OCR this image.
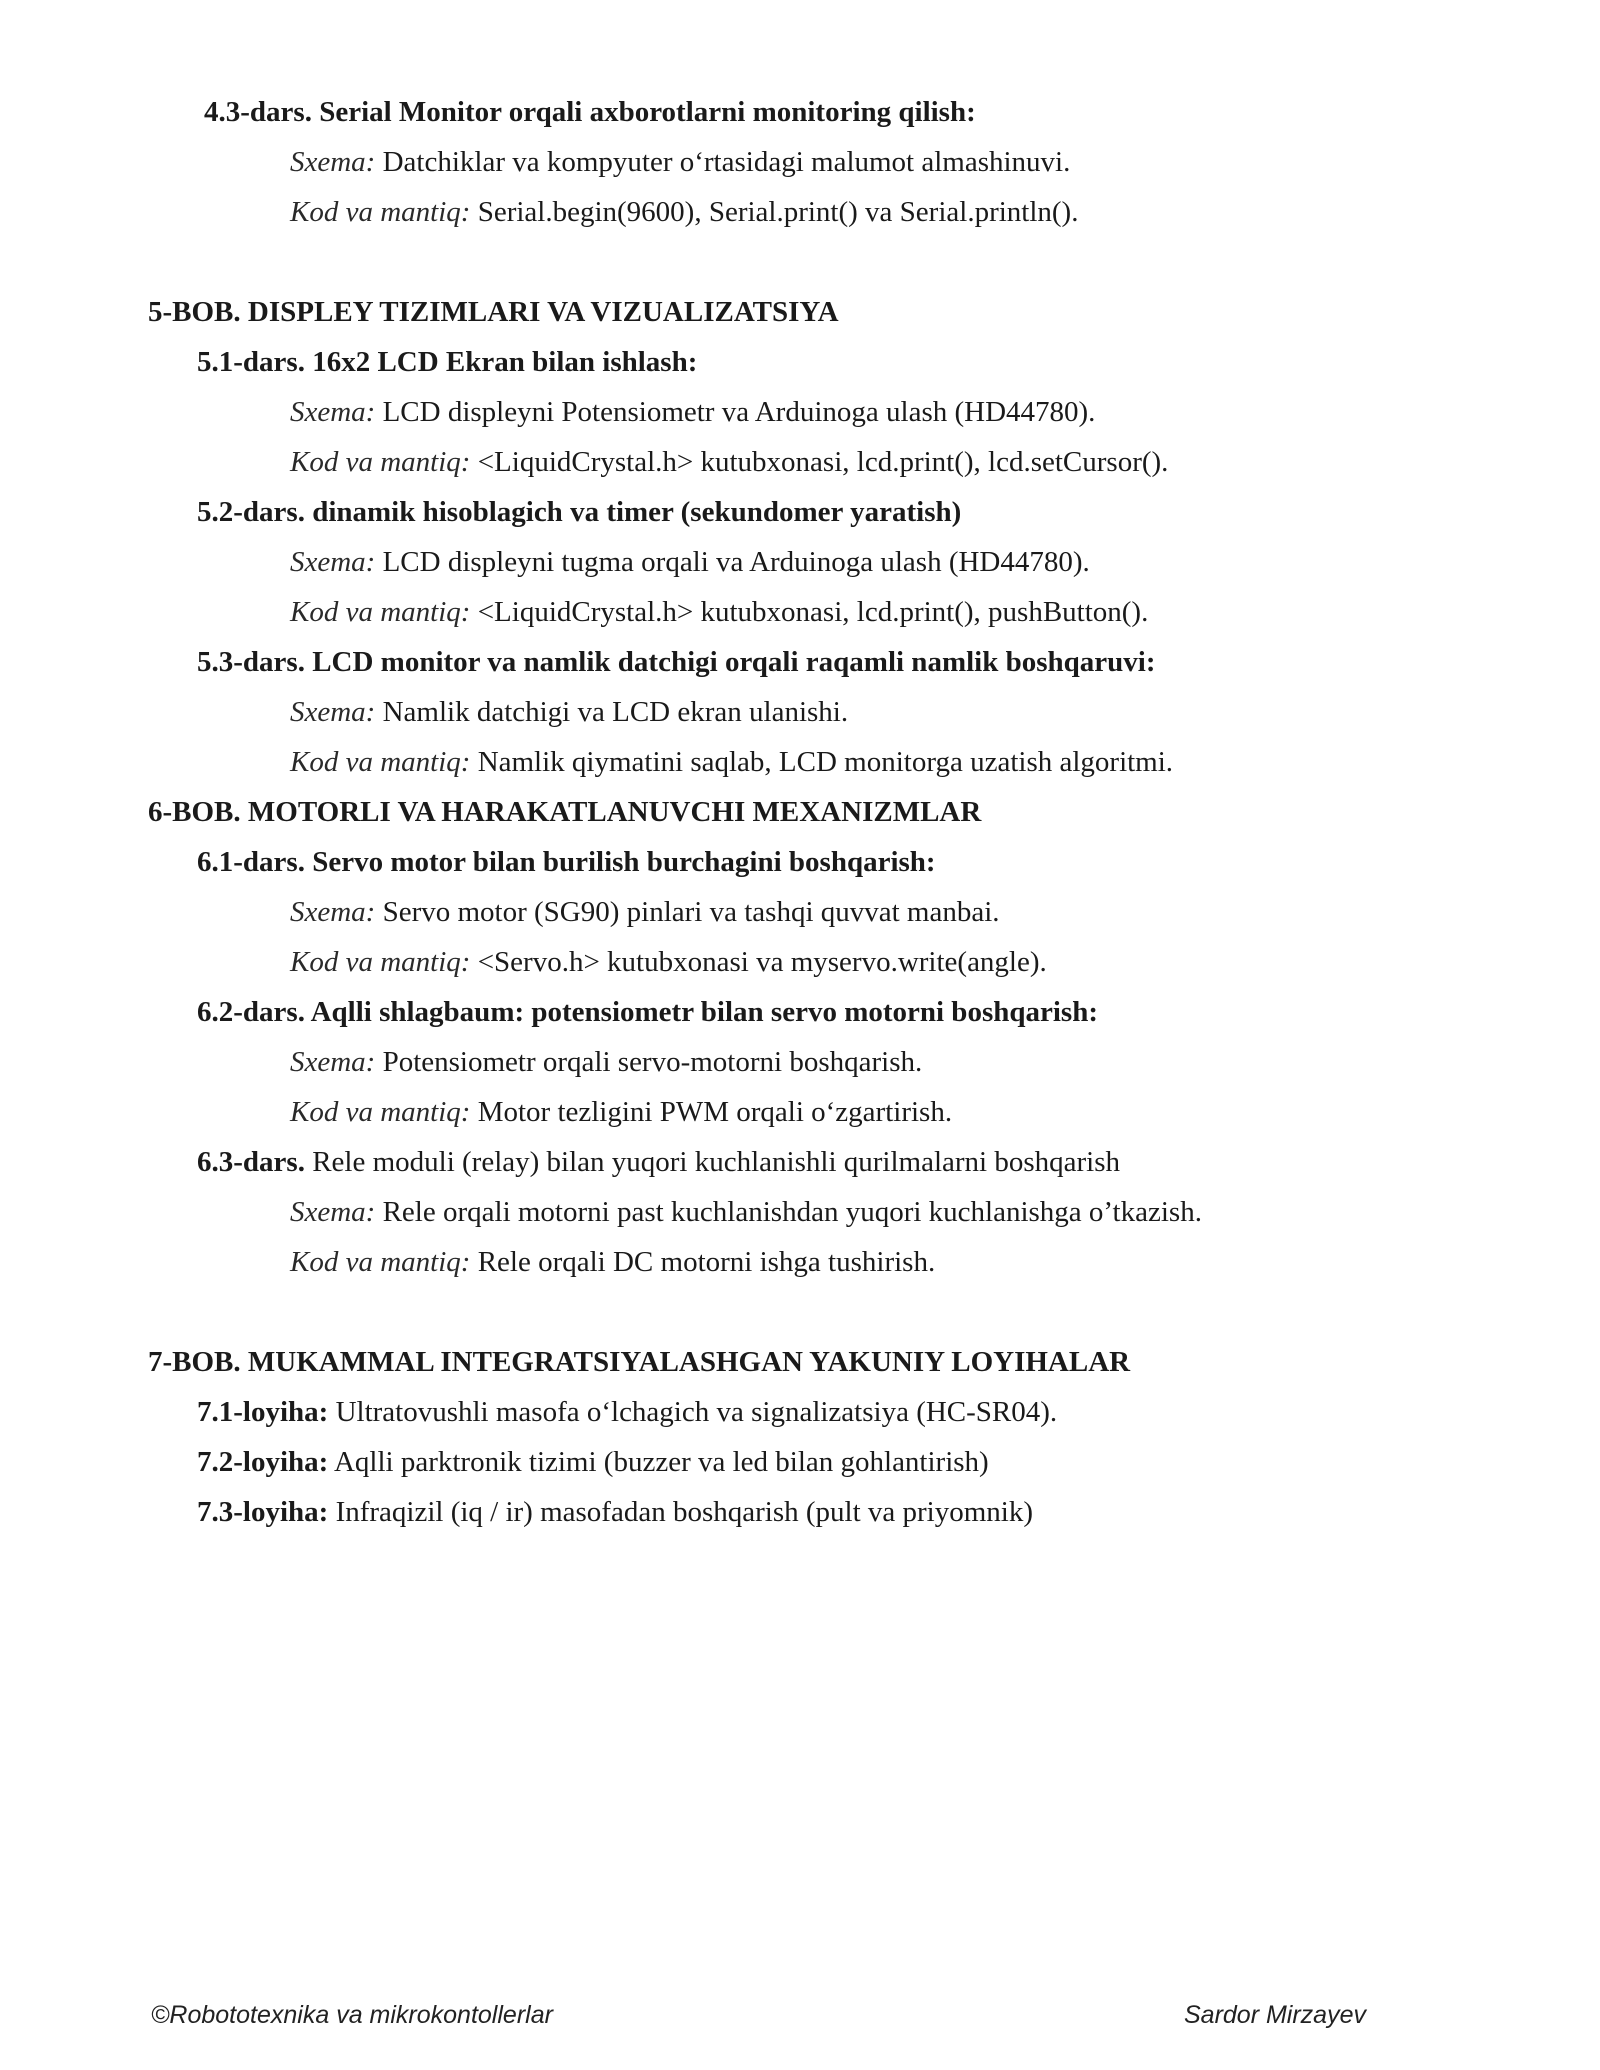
4.3-dars. Serial Monitor orqali axborotlarni monitoring qilish:
Sxema: Datchiklar va kompyuter o‘rtasidagi malumot almashinuvi.
Kod va mantiq: Serial.begin(9600), Serial.print() va Serial.println().
5-BOB. DISPLEY TIZIMLARI VA VIZUALIZATSIYA
5.1-dars. 16x2 LCD Ekran bilan ishlash:
Sxema: LCD displeyni Potensiometr va Arduinoga ulash (HD44780).
Kod va mantiq: <LiquidCrystal.h> kutubxonasi, lcd.print(), lcd.setCursor().
5.2-dars. dinamik hisoblagich va timer (sekundomer yaratish)
Sxema: LCD displeyni tugma orqali va Arduinoga ulash (HD44780).
Kod va mantiq: <LiquidCrystal.h> kutubxonasi, lcd.print(), pushButton().
5.3-dars. LCD monitor va namlik datchigi orqali raqamli namlik boshqaruvi:
Sxema: Namlik datchigi va LCD ekran ulanishi.
Kod va mantiq: Namlik qiymatini saqlab, LCD monitorga uzatish algoritmi.
6-BOB. MOTORLI VA HARAKATLANUVCHI MEXANIZMLAR
6.1-dars. Servo motor bilan burilish burchagini boshqarish:
Sxema: Servo motor (SG90) pinlari va tashqi quvvat manbai.
Kod va mantiq: <Servo.h> kutubxonasi va myservo.write(angle).
6.2-dars. Aqlli shlagbaum: potensiometr bilan servo motorni boshqarish:
Sxema: Potensiometr orqali servo-motorni boshqarish.
Kod va mantiq: Motor tezligini PWM orqali o‘zgartirish.
6.3-dars. Rele moduli (relay) bilan yuqori kuchlanishli qurilmalarni boshqarish
Sxema: Rele orqali motorni past kuchlanishdan yuqori kuchlanishga o’tkazish.
Kod va mantiq: Rele orqali DC motorni ishga tushirish.
7-BOB. MUKAMMAL INTEGRATSIYALASHGAN YAKUNIY LOYIHALAR
7.1-loyiha: Ultratovushli masofa o‘lchagich va signalizatsiya (HC-SR04).
7.2-loyiha: Aqlli parktronik tizimi (buzzer va led bilan gohlantirish)
7.3-loyiha: Infraqizil (iq / ir) masofadan boshqarish (pult va priyomnik)
©Robototexnika va mikrokontollerlar	Sardor Mirzayev
